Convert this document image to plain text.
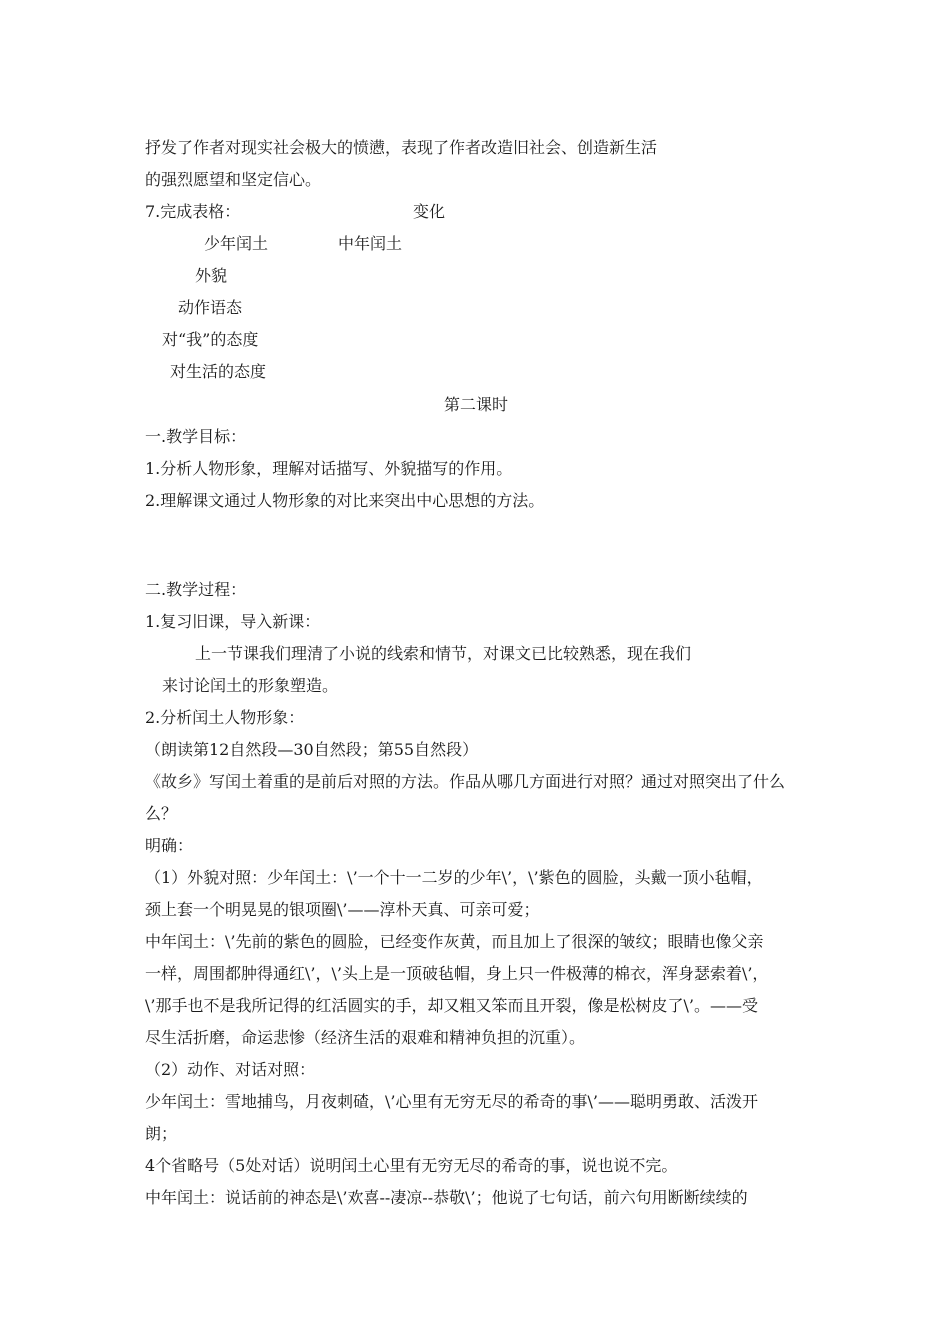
抒发了作者对现实社会极大的愤懑，表现了作者改造旧社会、创造新生活
的强烈愿望和坚定信心。
7.完成表格：	变化
少年闰土	中年闰土
外貌
动作语态
对“我”的态度
对生活的态度
第二课时
一.教学目标：
1.分析人物形象，理解对话描写、外貌描写的作用。
2.理解课文通过人物形象的对比来突出中心思想的方法。
二.教学过程：
1.复习旧课，导入新课：
上一节课我们理清了小说的线索和情节，对课文已比较熟悉，现在我们
来讨论闰土的形象塑造。
2.分析闰土人物形象：
（朗读第12自然段—30自然段；第55自然段）
《故乡》写闰土着重的是前后对照的方法。作品从哪几方面进行对照？通过对照突出了什么
么？
明确：
（1）外貌对照：少年闰土：\’一个十一二岁的少年\’，\’紫色的圆脸，头戴一顶小毡帽，
颈上套一个明晃晃的银项圈\’——淳朴天真、可亲可爱；
中年闰土：\’先前的紫色的圆脸，已经变作灰黄，而且加上了很深的皱纹；眼睛也像父亲
一样，周围都肿得通红\’，\’头上是一顶破毡帽，身上只一件极薄的棉衣，浑身瑟索着\’，
\’那手也不是我所记得的红活圆实的手，却又粗又笨而且开裂，像是松树皮了\’。——受
尽生活折磨，命运悲惨（经济生活的艰难和精神负担的沉重）。
（2）动作、对话对照：
少年闰土：雪地捕鸟，月夜刺碴，\’心里有无穷无尽的希奇的事\’——聪明勇敢、活泼开
朗；
4个省略号（5处对话）说明闰土心里有无穷无尽的希奇的事，说也说不完。
中年闰土：说话前的神态是\’欢喜--凄凉--恭敬\’；他说了七句话，前六句用断断续续的
